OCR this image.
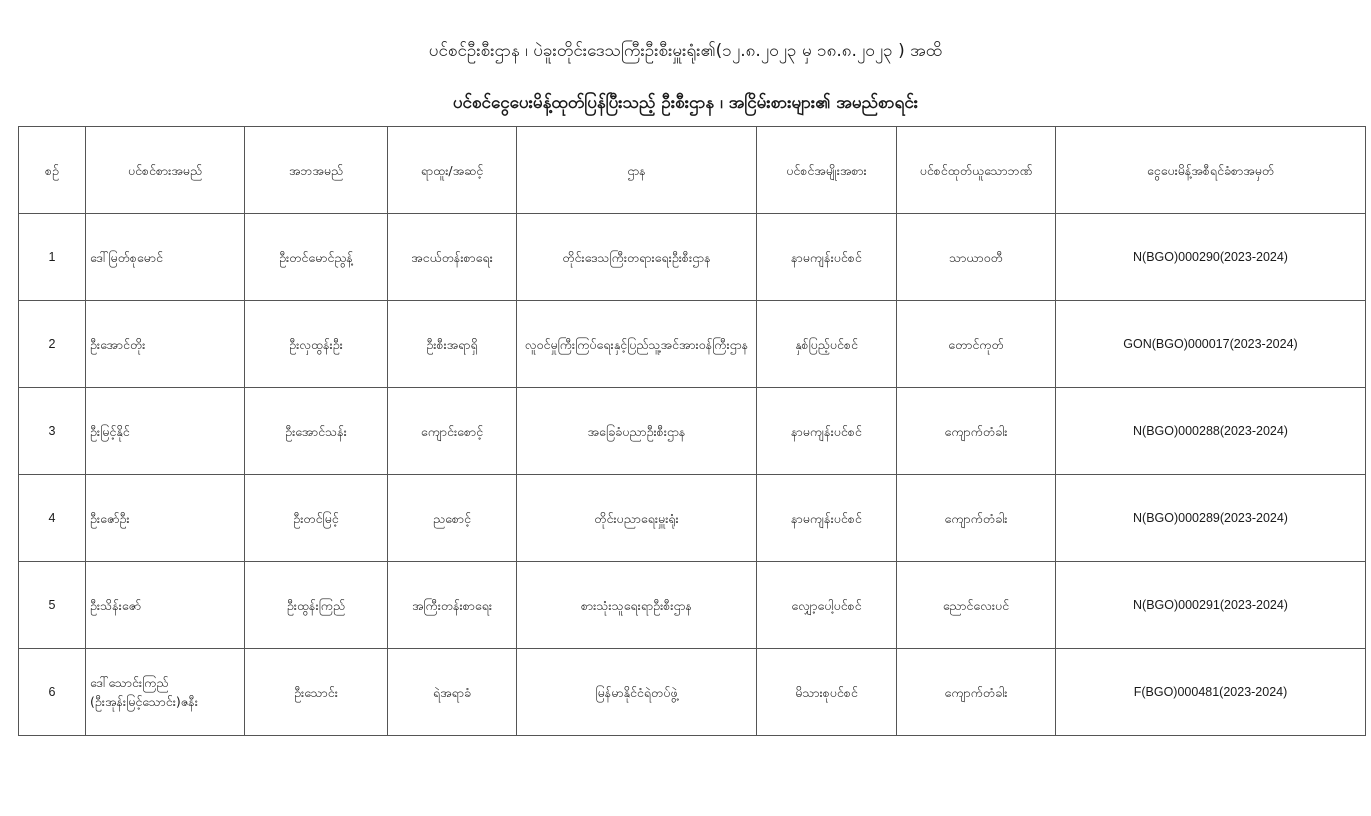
ပင်စင်ဦးစီးဌာန ၊ ပဲခူးတိုင်းဒေသကြီးဦးစီးမှူးရုံး၏(၁၂.၈.၂၀၂၃ မှ ၁၈.၈.၂၀၂၃ ) အထိ
ပင်စင်ငွေပေးမိန့်ထုတ်ပြန်ပြီးသည့် ဦးစီးဌာန ၊ အငြိမ်းစားများ၏ အမည်စာရင်း
စဉ်	ပင်စင်စားအမည်	အဘအမည်	ရာထူး/အဆင့်	ဌာန	ပင်စင်အမျိုးအစား	ပင်စင်ထုတ်ယူသောဘဏ်	ငွေပေးမိန့်အစီရင်ခံစာအမှတ်
1	ဒေါ်မြတ်စုမောင်	ဦးတင်မောင်ညွန့်	အငယ်တန်းစာရေး	တိုင်းဒေသကြီးတရားရေးဦးစီးဌာန	နာမကျန်းပင်စင်	သာယာဝတီ	N(BGO)000290(2023-2024)
2	ဦးအောင်တိုး	ဦးလှထွန်းဦး	ဦးစီးအရာရှိ	လူဝင်မှုကြီးကြပ်ရေးနှင့်ပြည်သူ့အင်အားဝန်ကြီးဌာန	နှစ်ပြည့်ပင်စင်	တောင်ကုတ်	GON(BGO)000017(2023-2024)
3	ဦးမြင့်နိုင်	ဦးအောင်သန်း	ကျောင်းစောင့်	အခြေခံပညာဦးစီးဌာန	နာမကျန်းပင်စင်	ကျောက်တံခါး	N(BGO)000288(2023-2024)
4	ဦးဇော်ဦး	ဦးတင်မြင့်	ညစောင့်	တိုင်းပညာရေးမှူးရုံး	နာမကျန်းပင်စင်	ကျောက်တံခါး	N(BGO)000289(2023-2024)
5	ဦးသိန်းဇော်	ဦးထွန်းကြည်	အကြီးတန်းစာရေး	စားသုံးသူရေးရာဦးစီးဌာန	လျှော့ပေါ့ပင်စင်	ညောင်လေးပင်	N(BGO)000291(2023-2024)
6	ဒေါ်သောင်းကြည်
(ဦးအုန်းမြင့်သောင်း)ဇနီး	ဦးသောင်း	ရဲအရာခံ	မြန်မာနိုင်ငံရဲတပ်ဖွဲ့	မိသားစုပင်စင်	ကျောက်တံခါး	F(BGO)000481(2023-2024)
